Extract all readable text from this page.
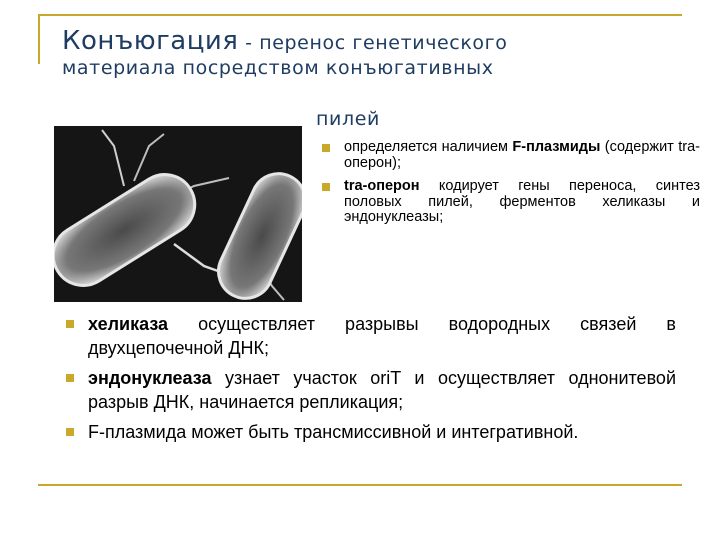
Конъюгация - перенос генетического
материала посредством конъюгативных
пилей
определяется наличием F-плазмиды (содержит tra-оперон);
tra-оперон кодирует гены переноса, синтез половых пилей, ферментов хеликазы и эндонуклеазы;
хеликаза осуществляет разрывы водородных связей в двухцепочечной ДНК;
эндонуклеаза узнает участок oriT и осуществляет однонитевой разрыв ДНК, начинается репликация;
F-плазмида может быть трансмиссивной и интегративной.
